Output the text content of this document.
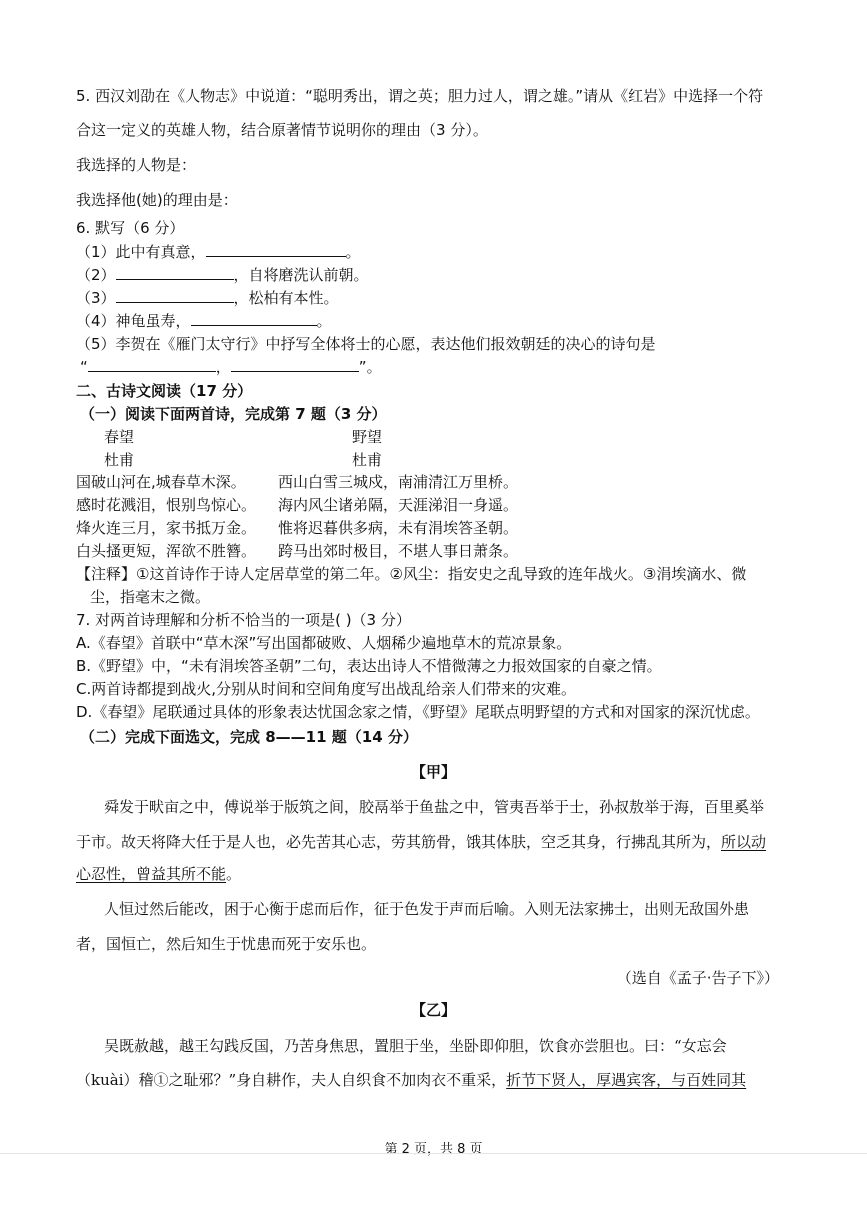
5. 西汉刘劭在《人物志》中说道：“聪明秀出，谓之英；胆力过人，谓之雄。”请从《红岩》中选择一个符
合这一定义的英雄人物，结合原著情节说明你的理由（3 分）。
我选择的人物是：
我选择他(她)的理由是：
6. 默写（6 分）
（1）此中有真意，	。
（2）	，自将磨洗认前朝。
（3）	，松柏有本性。
（4）神龟虽寿，	。
（5）李贺在《雁门太守行》中抒写全体将士的心愿，表达他们报效朝廷的决心的诗句是
“	，	”。
二、古诗文阅读（17 分）
（一）阅读下面两首诗，完成第 7 题（3 分）
春望	野望
杜甫	杜甫
国破山河在,城春草木深。 西山白雪三城戍，南浦清江万里桥。
感时花溅泪，恨别鸟惊心。 海内风尘诸弟隔，天涯涕泪一身遥。
烽火连三月，家书抵万金。 惟将迟暮供多病，未有涓埃答圣朝。
白头搔更短，浑欲不胜簪。 跨马出郊时极目，不堪人事日萧条。
【注释】①这首诗作于诗人定居草堂的第二年。②风尘：指安史之乱导致的连年战火。③涓埃滴水、微
尘，指毫末之微。
7. 对两首诗理解和分析不恰当的一项是( )（3 分）
A.《春望》首联中“草木深”写出国都破败、人烟稀少遍地草木的荒凉景象。
B.《野望》中，“未有涓埃答圣朝”二句，表达出诗人不惜微薄之力报效国家的自豪之情。
C.两首诗都提到战火,分别从时间和空间角度写出战乱给亲人们带来的灾难。
D.《春望》尾联通过具体的形象表达忧国念家之情，《野望》尾联点明野望的方式和对国家的深沉忧虑。
（二）完成下面选文，完成 8——11 题（14 分）
【甲】
舜发于畎亩之中，傅说举于版筑之间，胶鬲举于鱼盐之中，管夷吾举于士，孙叔敖举于海，百里奚举
于市。故天将降大任于是人也，必先苦其心志，劳其筋骨，饿其体肤，空乏其身，行拂乱其所为，所以动
心忍性，曾益其所不能。
人恒过然后能改，困于心衡于虑而后作，征于色发于声而后喻。入则无法家拂士，出则无敌国外患
者，国恒亡，然后知生于忧患而死于安乐也。
（选自《孟子·告子下》）
【乙】
吴既赦越，越王勾践反国，乃苦身焦思，置胆于坐，坐卧即仰胆，饮食亦尝胆也。曰：“女忘会
（kuài）稽①之耻邪？”身自耕作，夫人自织食不加肉衣不重采，折节下贤人，厚遇宾客，与百姓同其
第 2 页，共 8 页
